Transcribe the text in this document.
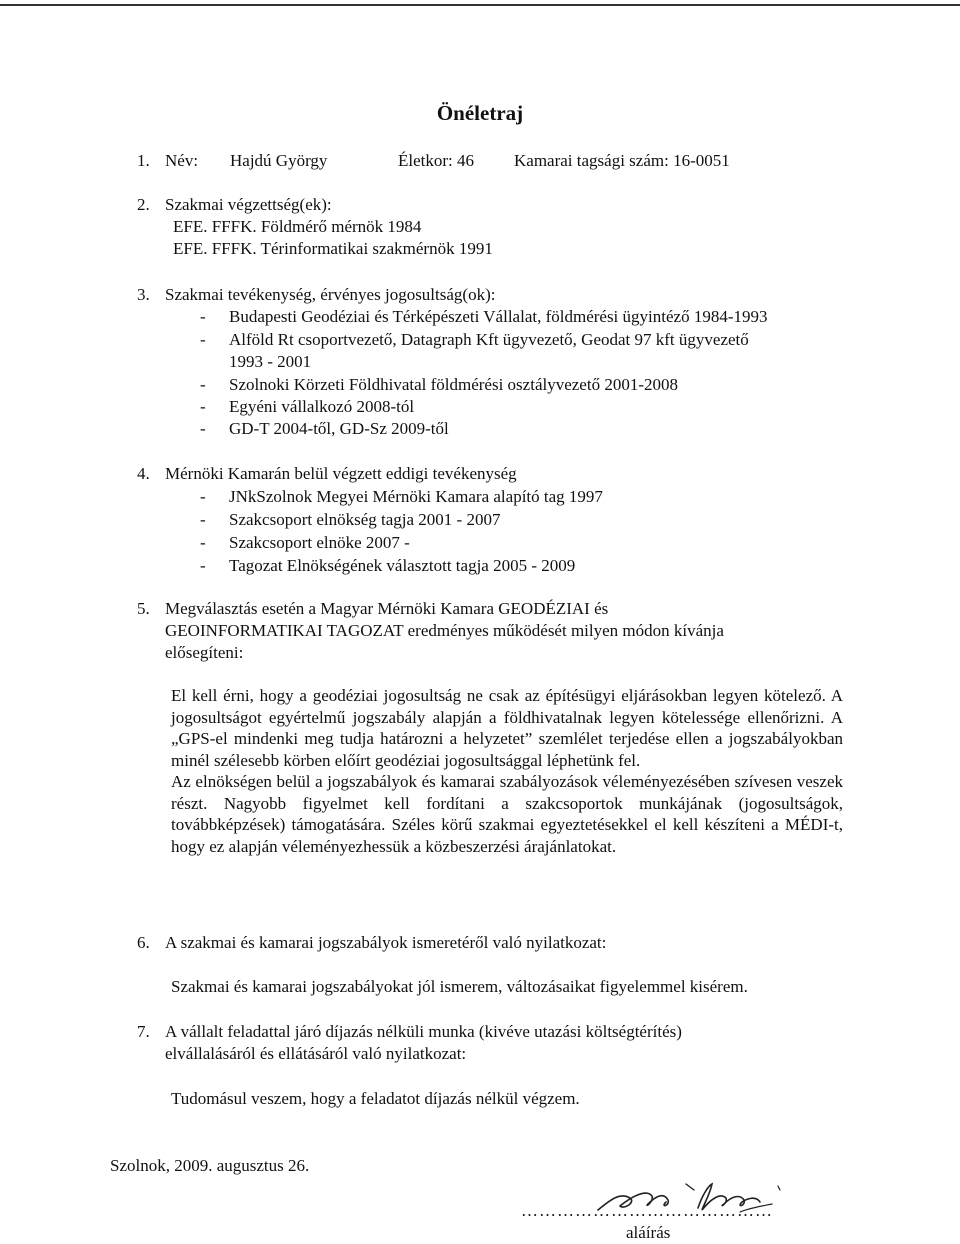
Önéletraj
1. Név: Hajdú György	Életkor: 46 Kamarai tagsági szám: 16-0051
2. Szakmai végzettség(ek):
EFE. FFFK. Földmérő mérnök 1984
EFE. FFFK. Térinformatikai szakmérnök 1991
3. Szakmai tevékenység, érvényes jogosultság(ok):
- Budapesti Geodéziai és Térképészeti Vállalat, földmérési ügyintéző 1984-1993
- Alföld Rt csoportvezető, Datagraph Kft ügyvezető, Geodat 97 kft ügyvezető
1993 - 2001
- Szolnoki Körzeti Földhivatal földmérési osztályvezető 2001-2008
- Egyéni vállalkozó 2008-tól
- GD-T 2004-től, GD-Sz 2009-től
4. Mérnöki Kamarán belül végzett eddigi tevékenység
- JNkSzolnok Megyei Mérnöki Kamara alapító tag 1997
- Szakcsoport elnökség tagja 2001 - 2007
- Szakcsoport elnöke 2007 -
- Tagozat Elnökségének választott tagja 2005 - 2009
5. Megválasztás esetén a Magyar Mérnöki Kamara GEODÉZIAI és
GEOINFORMATIKAI TAGOZAT eredményes működését milyen módon kívánja
elősegíteni:

El kell érni, hogy a geodéziai jogosultság ne csak az építésügyi eljárásokban legyen kötelező. A jogosultságot egyértelmű jogszabály alapján a földhivatalnak legyen kötelessége ellenőrizni. A „GPS-el mindenki meg tudja határozni a helyzetet” szemlélet terjedése ellen a jogszabályokban minél szélesebb körben előírt geodéziai jogosultsággal léphetünk fel.

Az elnökségen belül a jogszabályok és kamarai szabályozások véleményezésében szívesen veszek részt. Nagyobb figyelmet kell fordítani a szakcsoportok munkájának (jogosultságok, továbbképzések) támogatására. Széles körű szakmai egyeztetésekkel el kell készíteni a MÉDI-t, hogy ez alapján véleményezhessük a közbeszerzési árajánlatokat.

6. A szakmai és kamarai jogszabályok ismeretéről való nyilatkozat:
Szakmai és kamarai jogszabályokat jól ismerem, változásaikat figyelemmel kisérem.
7. A vállalt feladattal járó díjazás nélküli munka (kivéve utazási költségtérítés)
elvállalásáról és ellátásáról való nyilatkozat:
Tudomásul veszem, hogy a feladatot díjazás nélkül végzem.
Szolnok, 2009. augusztus 26.
……………………………………
aláírás
